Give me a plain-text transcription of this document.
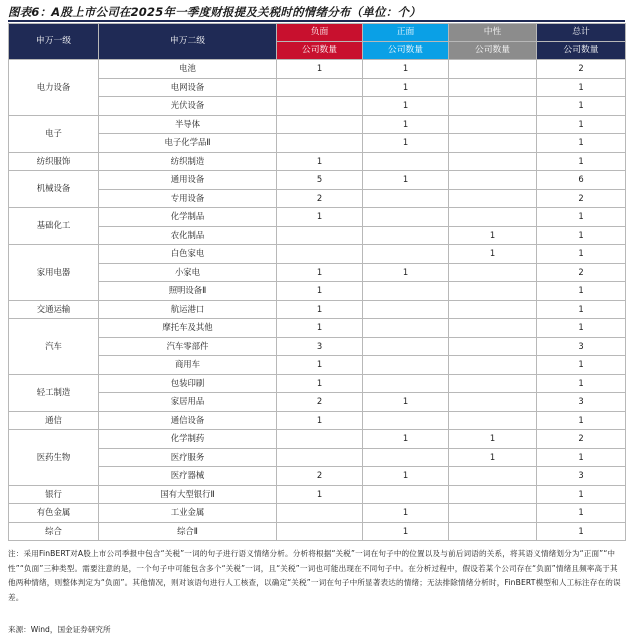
图表6：A股上市公司在2025年一季度财报提及关税时的情绪分布（单位：个）
申万一级	申万二级	负面	正面	中性	总计
		公司数量	公司数量	公司数量	公司数量
电力设备	电池	1	1		2
	电网设备		1		1
	光伏设备		1		1
电子	半导体		1		1
	电子化学品Ⅱ		1		1
纺织服饰	纺织制造	1			1
机械设备	通用设备	5	1		6
	专用设备	2			2
基础化工	化学制品	1			1
	农化制品			1	1
家用电器	白色家电			1	1
	小家电	1	1		2
	照明设备Ⅱ	1			1
交通运输	航运港口	1			1
汽车	摩托车及其他	1			1
	汽车零部件	3			3
	商用车	1			1
轻工制造	包装印刷	1			1
	家居用品	2	1		3
通信	通信设备	1			1
医药生物	化学制药		1	1	2
	医疗服务			1	1
	医疗器械	2	1		3
银行	国有大型银行Ⅱ	1			1
有色金属	工业金属		1		1
综合	综合Ⅱ		1		1
注：采用FinBERT对A股上市公司季报中包含“关税”一词的句子进行语义情绪分析。分析将根据“关税”一词在句子中的位置以及与前后词语的关系，将其语义情绪划分为“正面”“中性”“负面”三种类型。需要注意的是，一个句子中可能包含多个“关税”一词，且“关税”一词也可能出现在不同句子中。在分析过程中，假设若某个公司存在“负面”情绪且频率高于其他两种情绪，则整体判定为“负面”。其他情况，则对该语句进行人工核查，以确定“关税”一词在句子中所显著表达的情绪；无法排除情绪分析时，FinBERT模型和人工标注存在的误差。
来源：Wind，国金证券研究所
